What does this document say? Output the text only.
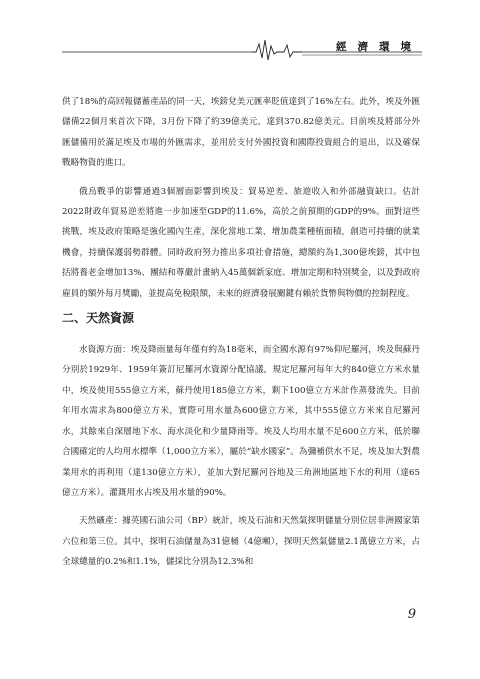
經濟環境

供了18%的高回報儲蓄產品的同一天，埃鎊兌美元匯率貶值達到了16%左右。此外，埃及外匯儲備22個月來首次下降，3月份下降了約39億美元，達到370.82億美元。目前埃及將部分外匯儲備用於滿足埃及市場的外匯需求，並用於支付外國投資和國際投資組合的退出，以及確保戰略物資的進口。

俄烏戰爭的影響通過3個層面影響到埃及：貿易逆差、旅遊收入和外部融資缺口。估計2022財政年貿易逆差將進一步加速至GDP的11.6%，高於之前預期的GDP的9%。面對這些挑戰，埃及政府策略是強化國內生產，深化當地工業，增加農業種植面積，創造可持續的就業機會，持續保護弱勢群體。同時政府努力推出多項社會措施，總額約為1,300億埃鎊，其中包括將養老金增加13%、團結和尊嚴計畫納入45萬個新家庭、增加定期和特別獎金，以及對政府雇員的額外每月獎勵，並提高免稅限額，未來的經濟發展關鍵有賴於貨幣與物價的控制程度。

二、天然資源

水資源方面：埃及降雨量每年僅有約為18毫米，而全國水源有97%仰尼羅河，埃及與蘇丹分別於1929年、1959年簽訂尼羅河水資源分配協議，規定尼羅河每年大約840億立方米水量中，埃及使用555億立方米，蘇丹使用185億立方米，剩下100億立方米計作蒸發流失。目前年用水需求為800億立方米，實際可用水量為600億立方米，其中555億立方米來自尼羅河水，其餘來自深層地下水、海水淡化和少量降雨等。埃及人均用水量不足600立方米，低於聯合國確定的人均用水標準（1,000立方米），屬於“缺水國家”。為彌補供水不足，埃及加大對農業用水的再利用（達130億立方米），並加大對尼羅河谷地及三角洲地區地下水的利用（達65億立方米）。灌溉用水占埃及用水量的90%。

天然礦產：據英國石油公司（BP）統計，埃及石油和天然氣探明儲量分別位居非洲國家第六位和第三位。其中，探明石油儲量為31億桶（4億噸），探明天然氣儲量2.1萬億立方米，占全球總量的0.2%和1.1%，儲採比分別為12.3%和

9
